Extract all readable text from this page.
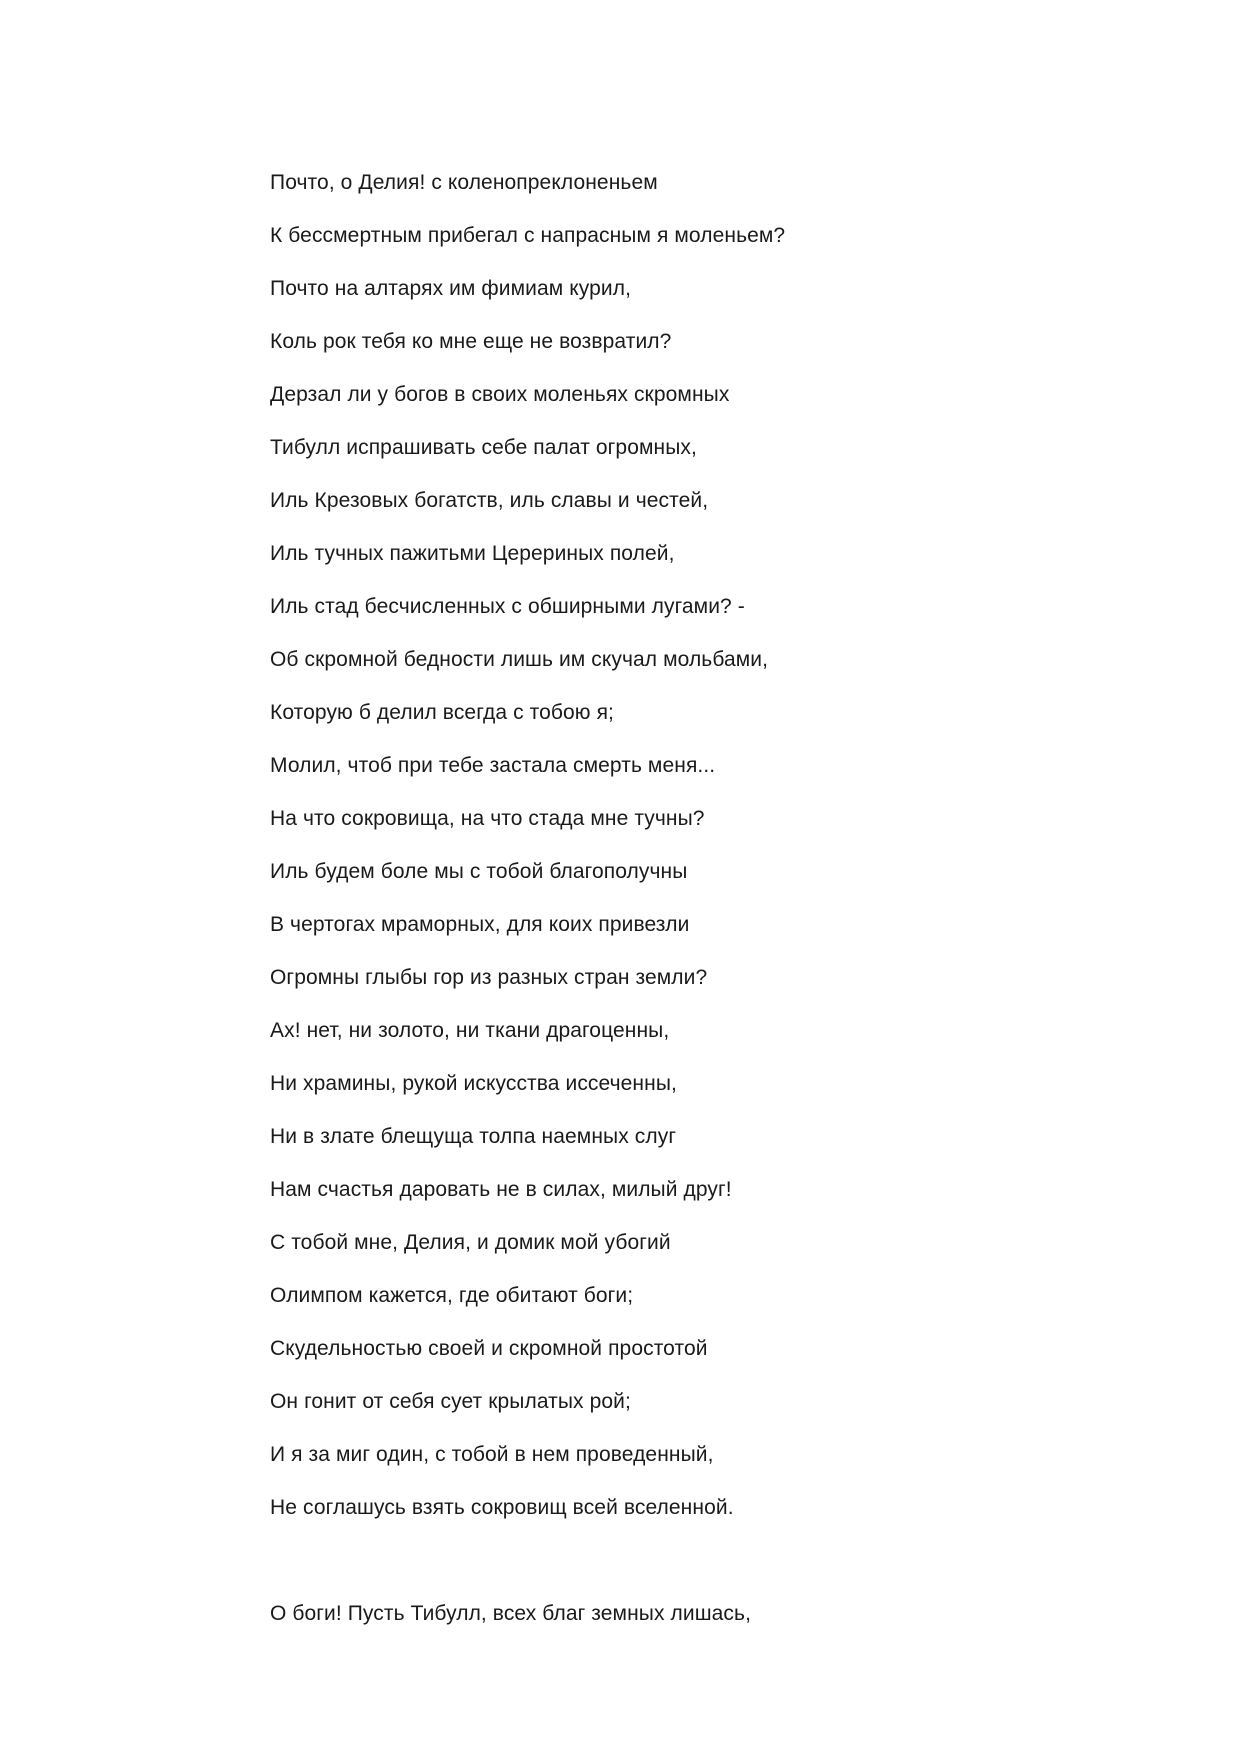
Почто, о Делия! с коленопреклоненьем
К бессмертным прибегал с напрасным я моленьем?
Почто на алтарях им фимиам курил,
Коль рок тебя ко мне еще не возвратил?
Дерзал ли у богов в своих моленьях скромных
Тибулл испрашивать себе палат огромных,
Иль Крезовых богатств, иль славы и честей,
Иль тучных пажитьми Церериных полей,
Иль стад бесчисленных с обширными лугами? -
Об скромной бедности лишь им скучал мольбами,
Которую б делил всегда с тобою я;
Молил, чтоб при тебе застала смерть меня...
На что сокровища, на что стада мне тучны?
Иль будем боле мы с тобой благополучны
В чертогах мраморных, для коих привезли
Огромны глыбы гор из разных стран земли?
Ах! нет, ни золото, ни ткани драгоценны,
Ни храмины, рукой искусства иссеченны,
Ни в злате блещуща толпа наемных слуг
Нам счастья даровать не в силах, милый друг!
С тобой мне, Делия, и домик мой убогий
Олимпом кажется, где обитают боги;
Скудельностью своей и скромной простотой
Он гонит от себя сует крылатых рой;
И я за миг один, с тобой в нем проведенный,
Не соглашусь взять сокровищ всей вселенной.
О боги! Пусть Тибулл, всех благ земных лишась,
